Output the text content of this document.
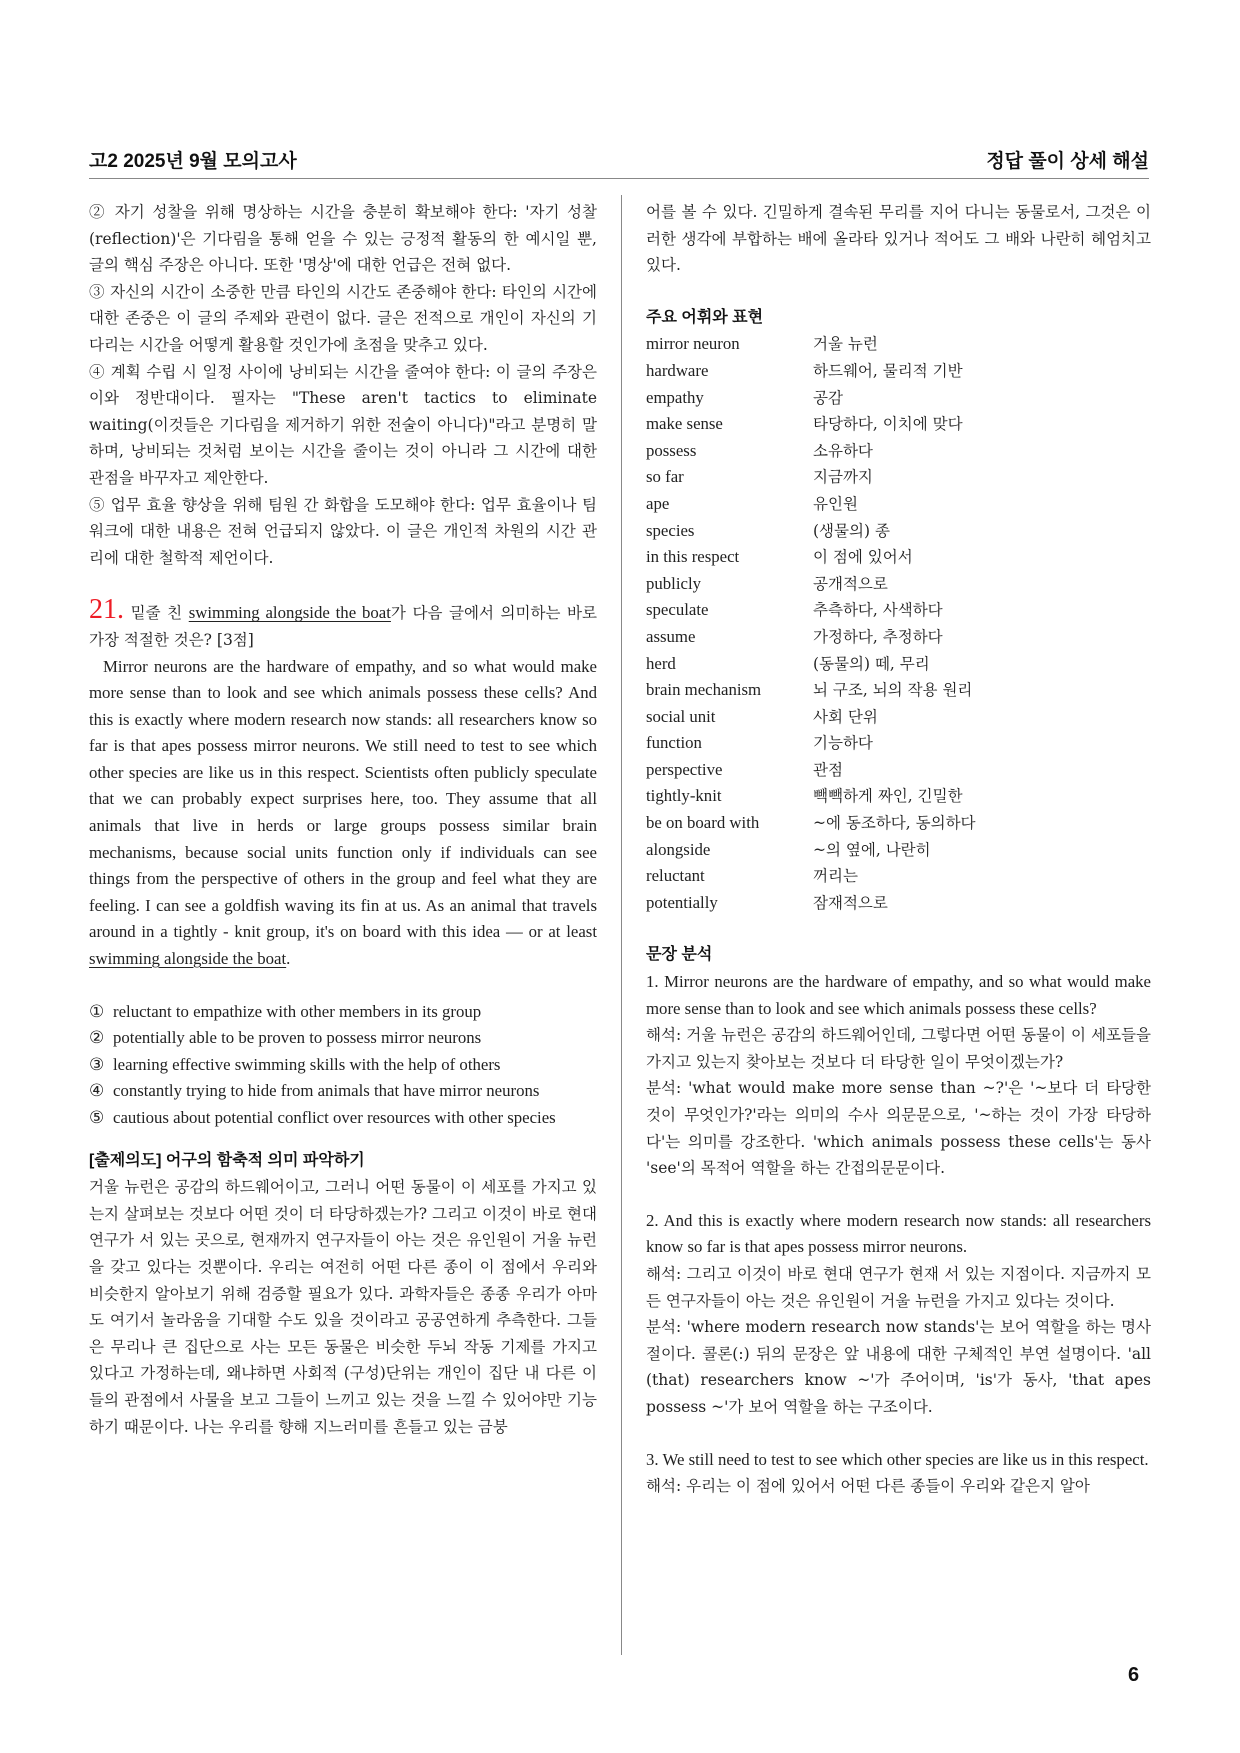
고2 2025년 9월 모의고사	정답 풀이 상세 해설

② 자기 성찰을 위해 명상하는 시간을 충분히 확보해야 한다: '자기 성찰(reflection)'은 기다림을 통해 얻을 수 있는 긍정적 활동의 한 예시일 뿐, 글의 핵심 주장은 아니다. 또한 '명상'에 대한 언급은 전혀 없다.

③ 자신의 시간이 소중한 만큼 타인의 시간도 존중해야 한다: 타인의 시간에 대한 존중은 이 글의 주제와 관련이 없다. 글은 전적으로 개인이 자신의 기다리는 시간을 어떻게 활용할 것인가에 초점을 맞추고 있다.

④ 계획 수립 시 일정 사이에 낭비되는 시간을 줄여야 한다: 이 글의 주장은 이와 정반대이다. 필자는 "These aren't tactics to eliminate waiting(이것들은 기다림을 제거하기 위한 전술이 아니다)"라고 분명히 말하며, 낭비되는 것처럼 보이는 시간을 줄이는 것이 아니라 그 시간에 대한 관점을 바꾸자고 제안한다.

⑤ 업무 효율 향상을 위해 팀원 간 화합을 도모해야 한다: 업무 효율이나 팀워크에 대한 내용은 전혀 언급되지 않았다. 이 글은 개인적 차원의 시간 관리에 대한 철학적 제언이다.

21. 밑줄 친 swimming alongside the boat가 다음 글에서 의미하는 바로 가장 적절한 것은? [3점]

Mirror neurons are the hardware of empathy, and so what would make more sense than to look and see which animals possess these cells? And this is exactly where modern research now stands: all researchers know so far is that apes possess mirror neurons. We still need to test to see which other species are like us in this respect. Scientists often publicly speculate that we can probably expect surprises here, too. They assume that all animals that live in herds or large groups possess similar brain mechanisms, because social units function only if individuals can see things from the perspective of others in the group and feel what they are feeling. I can see a goldfish waving its fin at us. As an animal that travels around in a tightly - knit group, it's on board with this idea — or at least swimming alongside the boat.

① reluctant to empathize with other members in its group
② potentially able to be proven to possess mirror neurons
③ learning effective swimming skills with the help of others
④ constantly trying to hide from animals that have mirror neurons
⑤ cautious about potential conflict over resources with other species
[출제의도] 어구의 함축적 의미 파악하기

거울 뉴런은 공감의 하드웨어이고, 그러니 어떤 동물이 이 세포를 가지고 있는지 살펴보는 것보다 어떤 것이 더 타당하겠는가? 그리고 이것이 바로 현대 연구가 서 있는 곳으로, 현재까지 연구자들이 아는 것은 유인원이 거울 뉴런을 갖고 있다는 것뿐이다. 우리는 여전히 어떤 다른 종이 이 점에서 우리와 비슷한지 알아보기 위해 검증할 필요가 있다. 과학자들은 종종 우리가 아마도 여기서 놀라움을 기대할 수도 있을 것이라고 공공연하게 추측한다. 그들은 무리나 큰 집단으로 사는 모든 동물은 비슷한 두뇌 작동 기제를 가지고 있다고 가정하는데, 왜냐하면 사회적 (구성)단위는 개인이 집단 내 다른 이들의 관점에서 사물을 보고 그들이 느끼고 있는 것을 느낄 수 있어야만 기능하기 때문이다. 나는 우리를 향해 지느러미를 흔들고 있는 금붕

어를 볼 수 있다. 긴밀하게 결속된 무리를 지어 다니는 동물로서, 그것은 이러한 생각에 부합하는 배에 올라타 있거나 적어도 그 배와 나란히 헤엄치고 있다.

주요 어휘와 표현
mirror neuron	거울 뉴런
hardware	하드웨어, 물리적 기반
empathy	공감
make sense	타당하다, 이치에 맞다
possess	소유하다
so far	지금까지
ape	유인원
species	(생물의) 종
in this respect	이 점에 있어서
publicly	공개적으로
speculate	추측하다, 사색하다
assume	가정하다, 추정하다
herd	(동물의) 떼, 무리
brain mechanism	뇌 구조, 뇌의 작용 원리
social unit	사회 단위
function	기능하다
perspective	관점
tightly-knit	빽빽하게 짜인, 긴밀한
be on board with	~에 동조하다, 동의하다
alongside	~의 옆에, 나란히
reluctant	꺼리는
potentially	잠재적으로
문장 분석

1. Mirror neurons are the hardware of empathy, and so what would make more sense than to look and see which animals possess these cells?

해석: 거울 뉴런은 공감의 하드웨어인데, 그렇다면 어떤 동물이 이 세포들을 가지고 있는지 찾아보는 것보다 더 타당한 일이 무엇이겠는가?

분석: 'what would make more sense than ~?'은 '~보다 더 타당한 것이 무엇인가?'라는 의미의 수사 의문문으로, '~하는 것이 가장 타당하다'는 의미를 강조한다. 'which animals possess these cells'는 동사 'see'의 목적어 역할을 하는 간접의문문이다.

2. And this is exactly where modern research now stands: all researchers know so far is that apes possess mirror neurons.

해석: 그리고 이것이 바로 현대 연구가 현재 서 있는 지점이다. 지금까지 모든 연구자들이 아는 것은 유인원이 거울 뉴런을 가지고 있다는 것이다.

분석: 'where modern research now stands'는 보어 역할을 하는 명사절이다. 콜론(:) 뒤의 문장은 앞 내용에 대한 구체적인 부연 설명이다. 'all (that) researchers know ~'가 주어이며, 'is'가 동사, 'that apes possess ~'가 보어 역할을 하는 구조이다.

3. We still need to test to see which other species are like us in this respect.

해석: 우리는 이 점에 있어서 어떤 다른 종들이 우리와 같은지 알아

6
